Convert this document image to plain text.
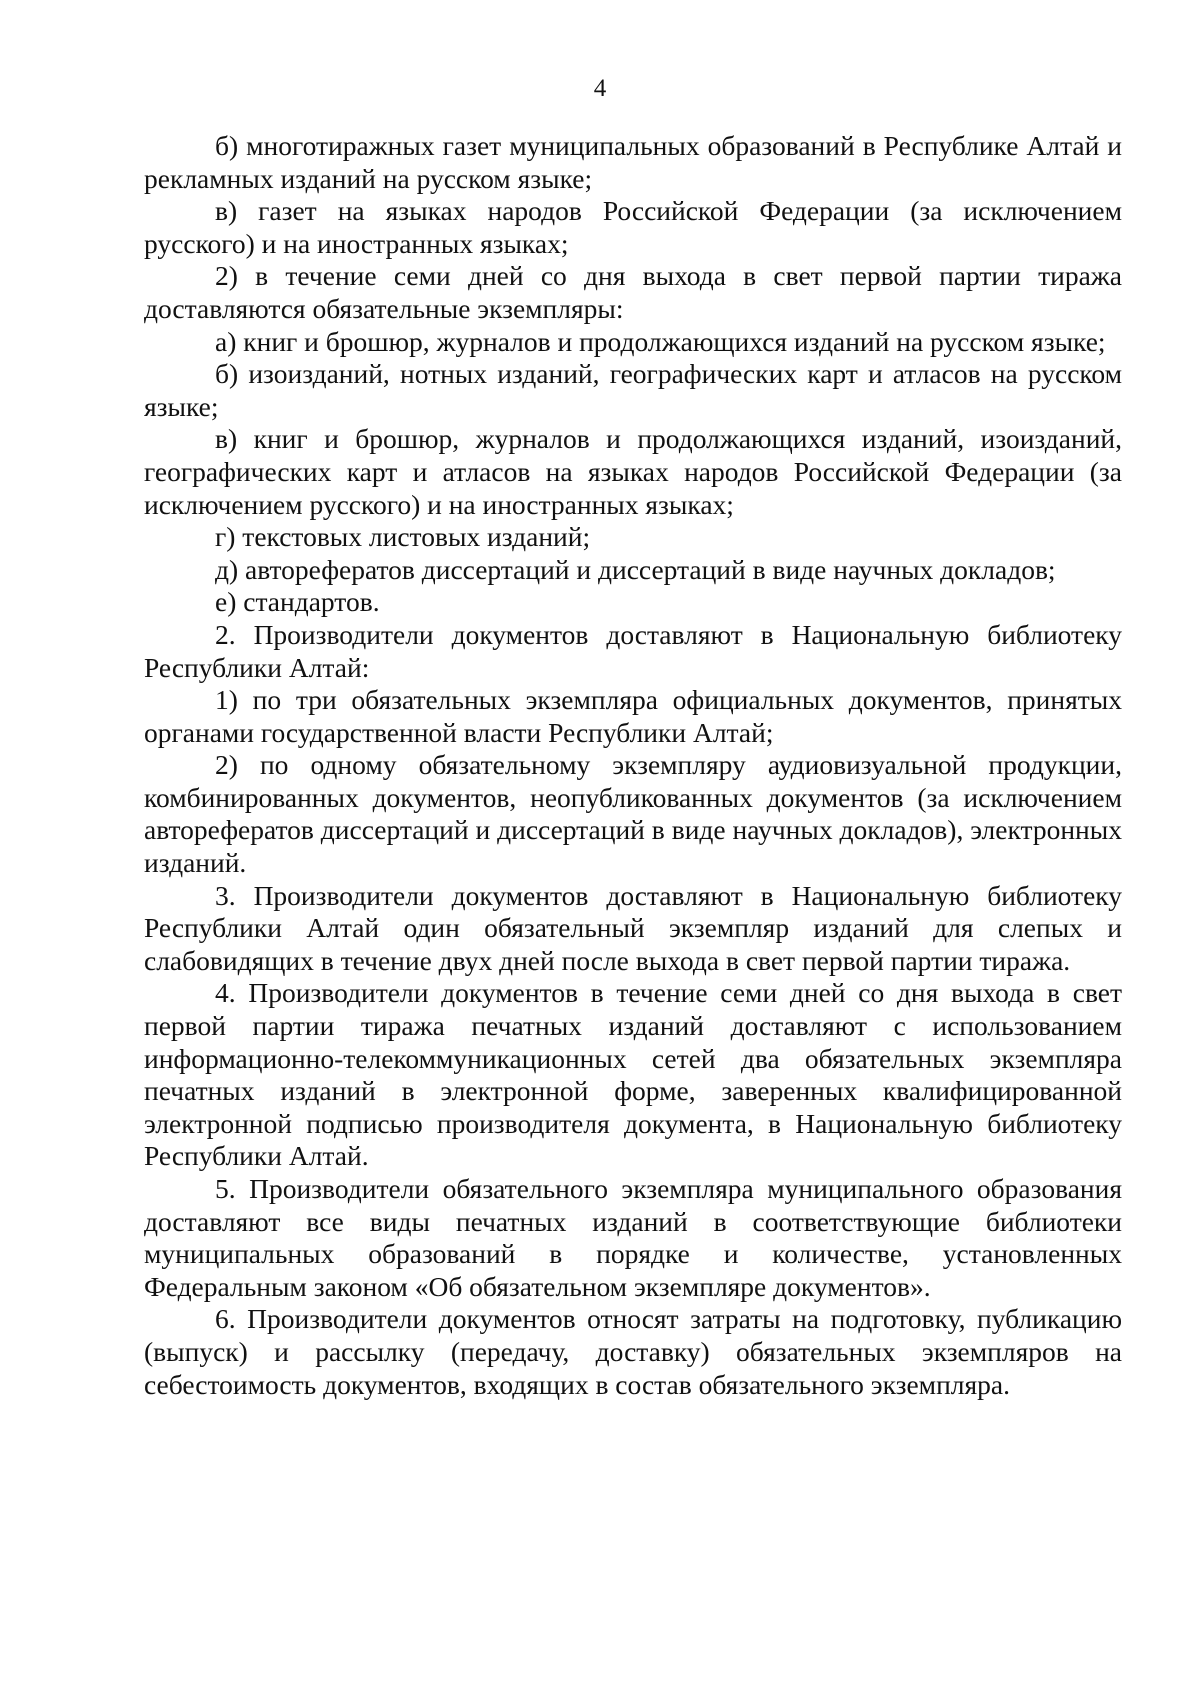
4

б) многотиражных газет муниципальных образований в Республике Алтай и рекламных изданий на русском языке;

в) газет на языках народов Российской Федерации (за исключением русского) и на иностранных языках;

2) в течение семи дней со дня выхода в свет первой партии тиража доставляются обязательные экземпляры:

а) книг и брошюр, журналов и продолжающихся изданий на русском языке;

б) изоизданий, нотных изданий, географических карт и атласов на русском языке;

в) книг и брошюр, журналов и продолжающихся изданий, изоизданий, географических карт и атласов на языках народов Российской Федерации (за исключением русского) и на иностранных языках;

г) текстовых листовых изданий;

д) авторефератов диссертаций и диссертаций в виде научных докладов;

е) стандартов.

2. Производители документов доставляют в Национальную библиотеку Республики Алтай:

1) по три обязательных экземпляра официальных документов, принятых органами государственной власти Республики Алтай;

2) по одному обязательному экземпляру аудиовизуальной продукции, комбинированных документов, неопубликованных документов (за исключением авторефератов диссертаций и диссертаций в виде научных докладов), электронных изданий.

3. Производители документов доставляют в Национальную библиотеку Республики Алтай один обязательный экземпляр изданий для слепых и слабовидящих в течение двух дней после выхода в свет первой партии тиража.

4. Производители документов в течение семи дней со дня выхода в свет первой партии тиража печатных изданий доставляют с использованием информационно-телекоммуникационных сетей два обязательных экземпляра печатных изданий в электронной форме, заверенных квалифицированной электронной подписью производителя документа, в Национальную библиотеку Республики Алтай.

5. Производители обязательного экземпляра муниципального образования доставляют все виды печатных изданий в соответствующие библиотеки муниципальных образований в порядке и количестве, установленных Федеральным законом «Об обязательном экземпляре документов».

6. Производители документов относят затраты на подготовку, публикацию (выпуск) и рассылку (передачу, доставку) обязательных экземпляров на себестоимость документов, входящих в состав обязательного экземпляра.
